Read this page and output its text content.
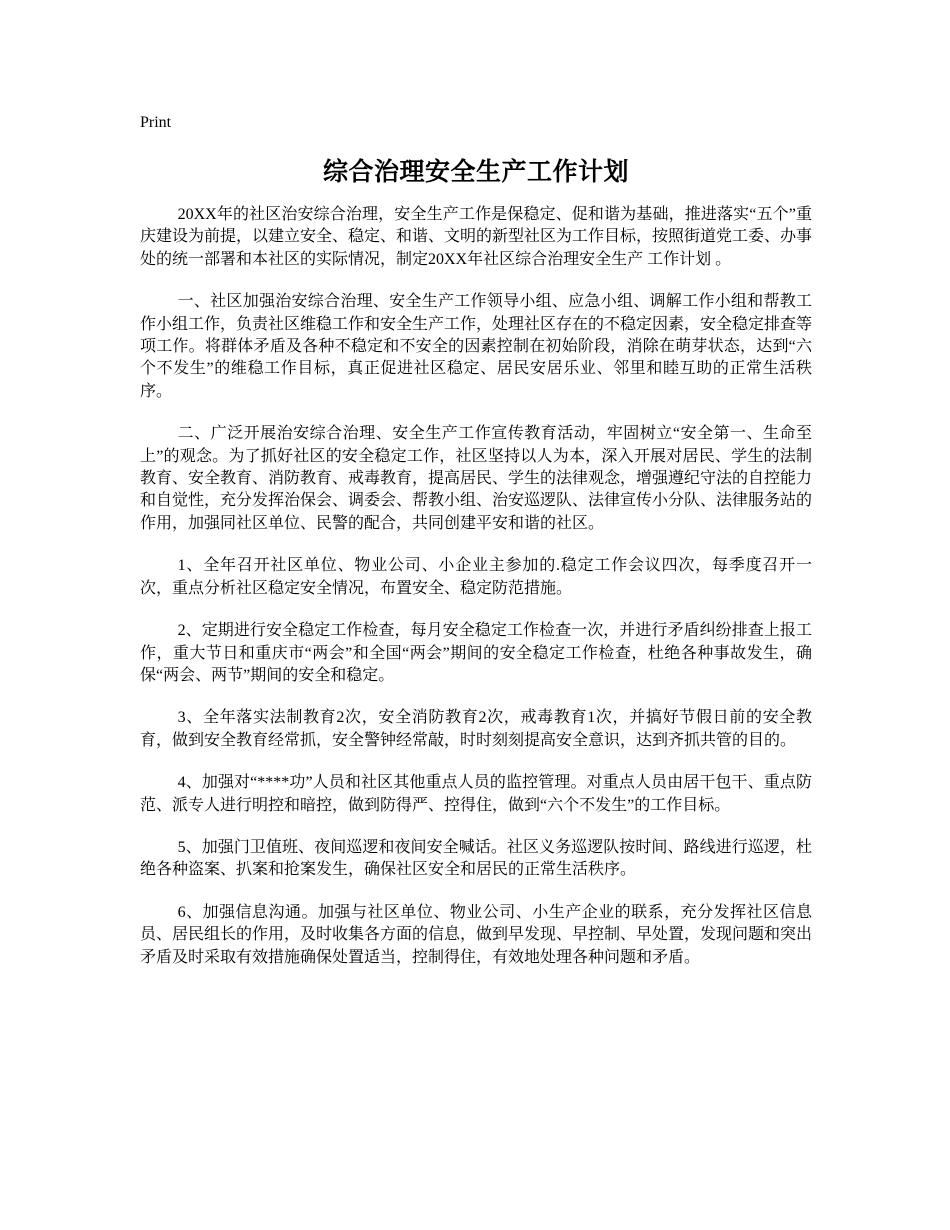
Print

综合治理安全生产工作计划

20XX年的社区治安综合治理，安全生产工作是保稳定、促和谐为基础，推进落实“五个”重庆建设为前提，以建立安全、稳定、和谐、文明的新型社区为工作目标，按照街道党工委、办事处的统一部署和本社区的实际情况，制定20XX年社区综合治理安全生产 工作计划 。

一、社区加强治安综合治理、安全生产工作领导小组、应急小组、调解工作小组和帮教工作小组工作，负责社区维稳工作和安全生产工作，处理社区存在的不稳定因素，安全稳定排查等项工作。将群体矛盾及各种不稳定和不安全的因素控制在初始阶段，消除在萌芽状态，达到“六个不发生”的维稳工作目标，真正促进社区稳定、居民安居乐业、邻里和睦互助的正常生活秩序。

二、广泛开展治安综合治理、安全生产工作宣传教育活动，牢固树立“安全第一、生命至上”的观念。为了抓好社区的安全稳定工作，社区坚持以人为本，深入开展对居民、学生的法制教育、安全教育、消防教育、戒毒教育，提高居民、学生的法律观念，增强遵纪守法的自控能力和自觉性，充分发挥治保会、调委会、帮教小组、治安巡逻队、法律宣传小分队、法律服务站的作用，加强同社区单位、民警的配合，共同创建平安和谐的社区。

1、全年召开社区单位、物业公司、小企业主参加的.稳定工作会议四次，每季度召开一次，重点分析社区稳定安全情况，布置安全、稳定防范措施。

2、定期进行安全稳定工作检查，每月安全稳定工作检查一次，并进行矛盾纠纷排查上报工作，重大节日和重庆市“两会”和全国“两会”期间的安全稳定工作检查，杜绝各种事故发生，确保“两会、两节”期间的安全和稳定。

3、全年落实法制教育2次，安全消防教育2次，戒毒教育1次，并搞好节假日前的安全教育，做到安全教育经常抓，安全警钟经常敲，时时刻刻提高安全意识，达到齐抓共管的目的。

4、加强对“****功”人员和社区其他重点人员的监控管理。对重点人员由居干包干、重点防范、派专人进行明控和暗控，做到防得严、控得住，做到“六个不发生”的工作目标。

5、加强门卫值班、夜间巡逻和夜间安全喊话。社区义务巡逻队按时间、路线进行巡逻，杜绝各种盗案、扒案和抢案发生，确保社区安全和居民的正常生活秩序。

6、加强信息沟通。加强与社区单位、物业公司、小生产企业的联系，充分发挥社区信息员、居民组长的作用，及时收集各方面的信息，做到早发现、早控制、早处置，发现问题和突出矛盾及时采取有效措施确保处置适当，控制得住，有效地处理各种问题和矛盾。
